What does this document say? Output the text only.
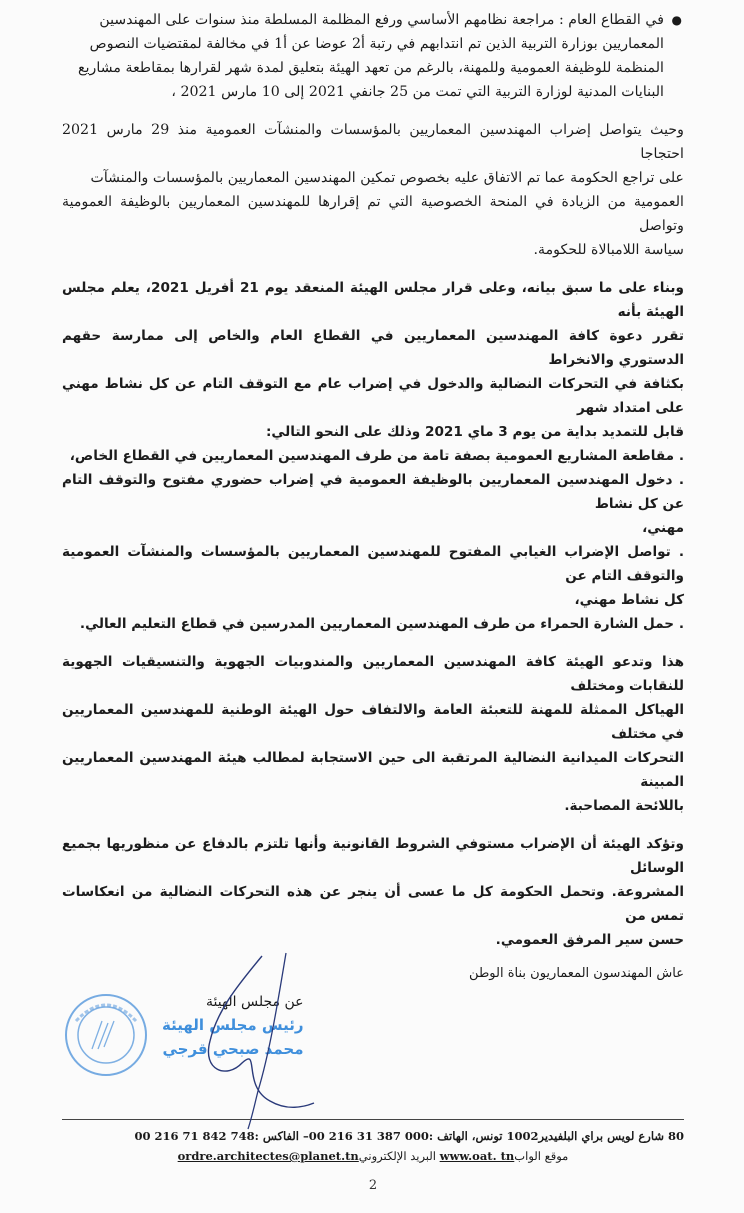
●
في القطاع العام : مراجعة نظامهم الأساسي ورفع المظلمة المسلطة منذ سنوات على المهندسين
المعماريين بوزارة التربية الذين تم انتدابهم في رتبة أ2 عوضا عن أ1 في مخالفة لمقتضيات النصوص
المنظمة للوظيفة العمومية وللمهنة، بالرغم من تعهد الهيئة بتعليق لمدة شهر لقرارها بمقاطعة مشاريع
البنايات المدنية لوزارة التربية التي تمت من 25 جانفي 2021 إلى 10 مارس 2021 ،
وحيث يتواصل إضراب المهندسين المعماريين بالمؤسسات والمنشآت العمومية منذ 29 مارس 2021 احتجاجا
على تراجع الحكومة عما تم الاتفاق عليه بخصوص تمكين المهندسين المعماريين بالمؤسسات والمنشآت
العمومية من الزيادة في المنحة الخصوصية التي تم إقرارها للمهندسين المعماريين بالوظيفة العمومية وتواصل
سياسة اللامبالاة للحكومة.
وبناء على ما سبق بيانه، وعلى قرار مجلس الهيئة المنعقد يوم 21 أفريل 2021، يعلم مجلس الهيئة بأنه
تقرر دعوة كافة المهندسين المعماريين في القطاع العام والخاص إلى ممارسة حقهم الدستوري والانخراط
بكثافة في التحركات النضالية والدخول في إضراب عام مع التوقف التام عن كل نشاط مهني على امتداد شهر
قابل للتمديد بداية من يوم 3 ماي 2021 وذلك على النحو التالي:
. مقاطعة المشاريع العمومية بصفة تامة من طرف المهندسين المعماريين في القطاع الخاص،
. دخول المهندسين المعماريين بالوظيفة العمومية في إضراب حضوري مفتوح والتوقف التام عن كل نشاط
مهني،
. تواصل الإضراب الغيابي المفتوح للمهندسين المعماريين بالمؤسسات والمنشآت العمومية والتوقف التام عن
كل نشاط مهني،
. حمل الشارة الحمراء من طرف المهندسين المعماريين المدرسين في قطاع التعليم العالي.
هذا وتدعو الهيئة كافة المهندسين المعماريين والمندوبيات الجهوية والتنسيقيات الجهوية للنقابات ومختلف
الهياكل الممثلة للمهنة للتعبئة العامة والالتفاف حول الهيئة الوطنية للمهندسين المعماريين في مختلف
التحركات الميدانية النضالية المرتقبة الى حين الاستجابة لمطالب هيئة المهندسين المعماريين المبينة
باللائحة المصاحبة.
وتؤكد الهيئة أن الإضراب مستوفي الشروط القانونية وأنها تلتزم بالدفاع عن منظوريها بجميع الوسائل
المشروعة. وتحمل الحكومة كل ما عسى أن ينجر عن هذه التحركات النضالية من انعكاسات تمس من
حسن سير المرفق العمومي.
عاش المهندسون المعماريون بناة الوطن
عن مجلس الهيئة
رئيس مجلس الهيئة
محمد صبحي قرجي
80 شارع لويس براي البلفيدير1002 تونس، الهاتف :000 387 31 216 00– الفاكس :748 842 71 216 00
موقع الوابwww.oat. tn البريد الإلكترونيordre.architectes@planet.tn
2
